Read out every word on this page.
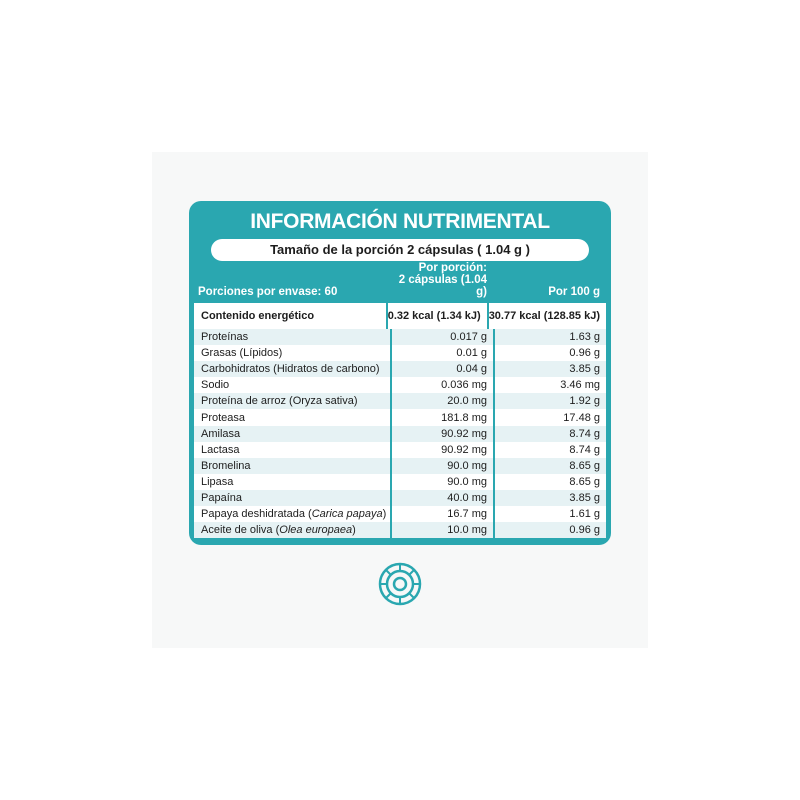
INFORMACIÓN NUTRIMENTAL
Tamaño de la porción 2 cápsulas ( 1.04 g )
Porciones por envase: 60
Por porción:
2 cápsulas (1.04 g)	Por 100 g
Contenido energético	0.32 kcal (1.34 kJ) 30.77 kcal (128.85 kJ)
Proteínas	0.017 g	1.63 g
Grasas (Lípidos)	0.01 g	0.96 g
Carbohidratos (Hidratos de carbono)	0.04 g	3.85 g
Sodio	0.036 mg	3.46 mg
Proteína de arroz (Oryza sativa)	20.0 mg	1.92 g
Proteasa	181.8 mg	17.48 g
Amilasa	90.92 mg	8.74 g
Lactasa	90.92 mg	8.74 g
Bromelina	90.0 mg	8.65 g
Lipasa	90.0 mg	8.65 g
Papaína	40.0 mg	3.85 g
Papaya deshidratada (Carica papaya)	16.7 mg	1.61 g
Aceite de oliva (Olea europaea)	10.0 mg	0.96 g
